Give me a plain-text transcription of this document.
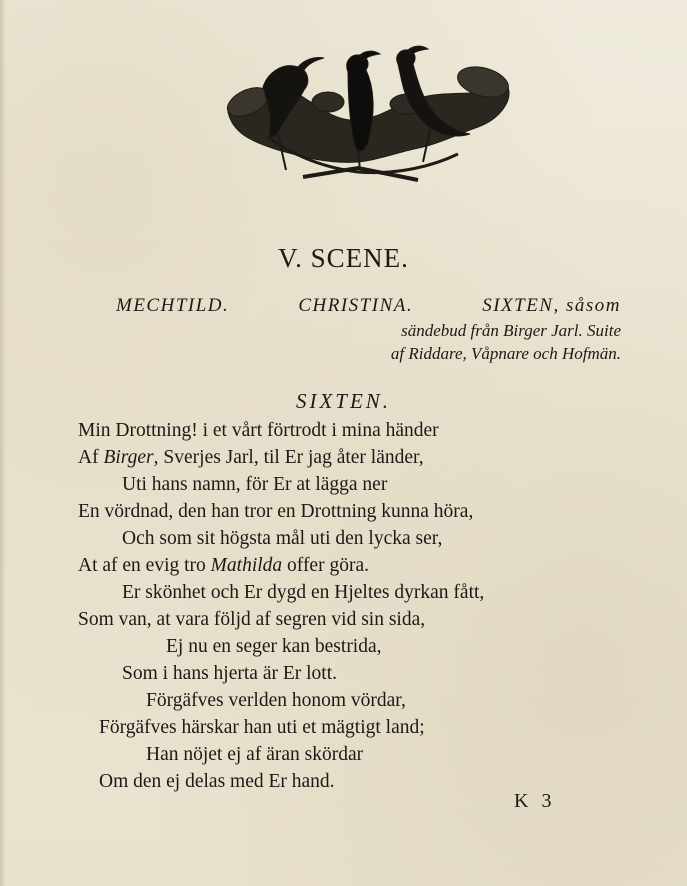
V. SCENE.
MECHTILD.	CHRISTINA.	SIXTEN, såsom
sändebud från Birger Jarl. Suite
af Riddare, Våpnare och Hofmän.
SIXTEN.
Min Drottning! i et vårt förtrodt i mina händer
Af Birger, Sverjes Jarl, til Er jag åter länder,
Uti hans namn, för Er at lägga ner
En vördnad, den han tror en Drottning kunna höra,
Och som sit högsta mål uti den lycka ser,
At af en evig tro Mathilda offer göra.
Er skönhet och Er dygd en Hjeltes dyrkan fått,
Som van, at vara följd af segren vid sin sida,
Ej nu en seger kan bestrida,
Som i hans hjerta är Er lott.
Förgäfves verlden honom vördar,
Förgäfves härskar han uti et mägtigt land;
Han nöjet ej af äran skördar
Om den ej delas med Er hand.
K 3
